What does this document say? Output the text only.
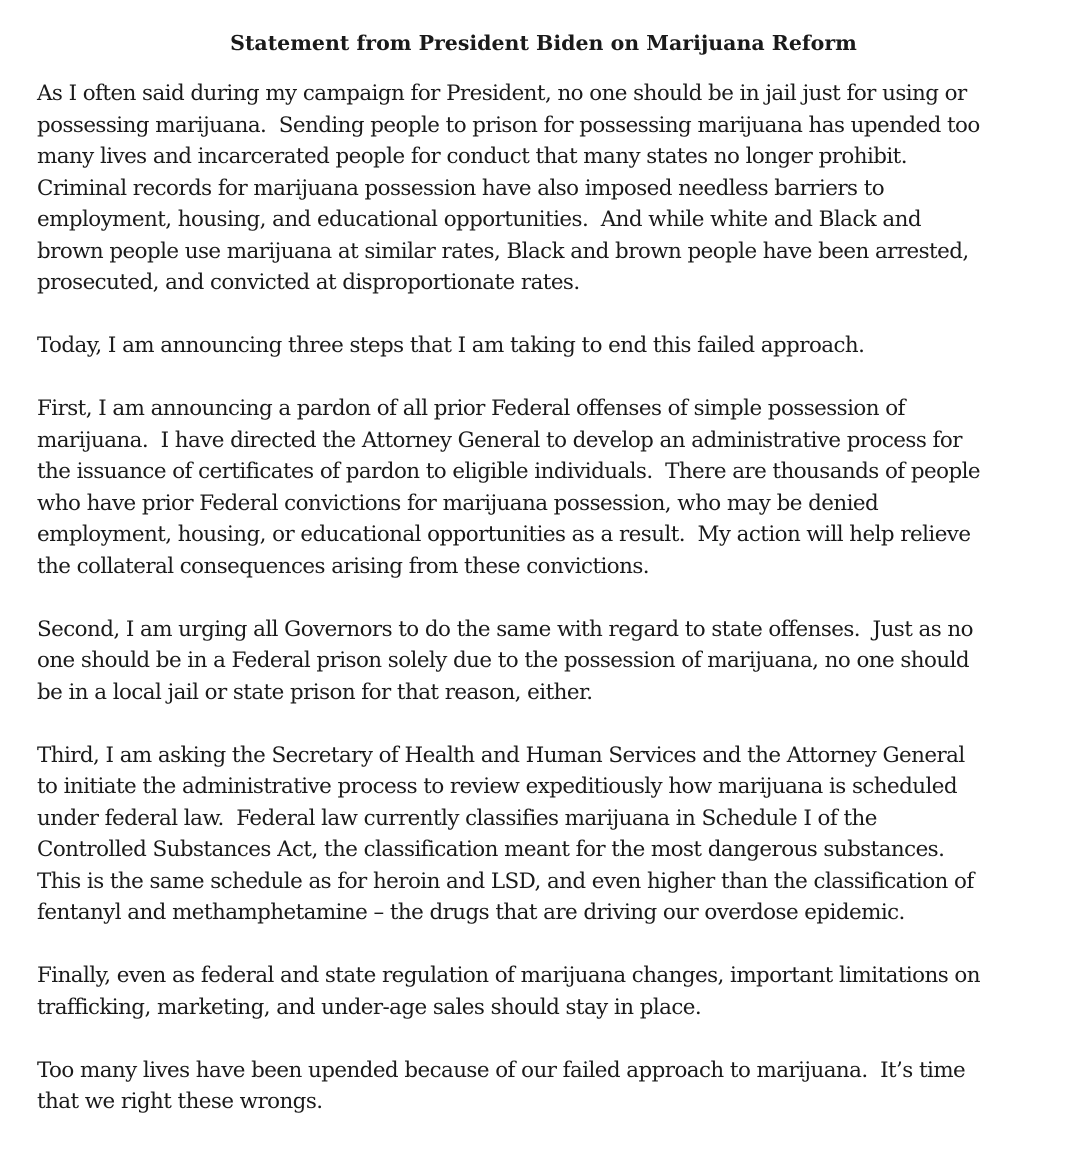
Statement from President Biden on Marijuana Reform

As I often said during my campaign for President, no one should be in jail just for using or
possessing marijuana.  Sending people to prison for possessing marijuana has upended too
many lives and incarcerated people for conduct that many states no longer prohibit.
Criminal records for marijuana possession have also imposed needless barriers to
employment, housing, and educational opportunities.  And while white and Black and
brown people use marijuana at similar rates, Black and brown people have been arrested,
prosecuted, and convicted at disproportionate rates.

Today, I am announcing three steps that I am taking to end this failed approach.

First, I am announcing a pardon of all prior Federal offenses of simple possession of
marijuana.  I have directed the Attorney General to develop an administrative process for
the issuance of certificates of pardon to eligible individuals.  There are thousands of people
who have prior Federal convictions for marijuana possession, who may be denied
employment, housing, or educational opportunities as a result.  My action will help relieve
the collateral consequences arising from these convictions.

Second, I am urging all Governors to do the same with regard to state offenses.  Just as no
one should be in a Federal prison solely due to the possession of marijuana, no one should
be in a local jail or state prison for that reason, either.

Third, I am asking the Secretary of Health and Human Services and the Attorney General
to initiate the administrative process to review expeditiously how marijuana is scheduled
under federal law.  Federal law currently classifies marijuana in Schedule I of the
Controlled Substances Act, the classification meant for the most dangerous substances.
This is the same schedule as for heroin and LSD, and even higher than the classification of
fentanyl and methamphetamine – the drugs that are driving our overdose epidemic.

Finally, even as federal and state regulation of marijuana changes, important limitations on
trafficking, marketing, and under-age sales should stay in place.

Too many lives have been upended because of our failed approach to marijuana.  It’s time
that we right these wrongs.
